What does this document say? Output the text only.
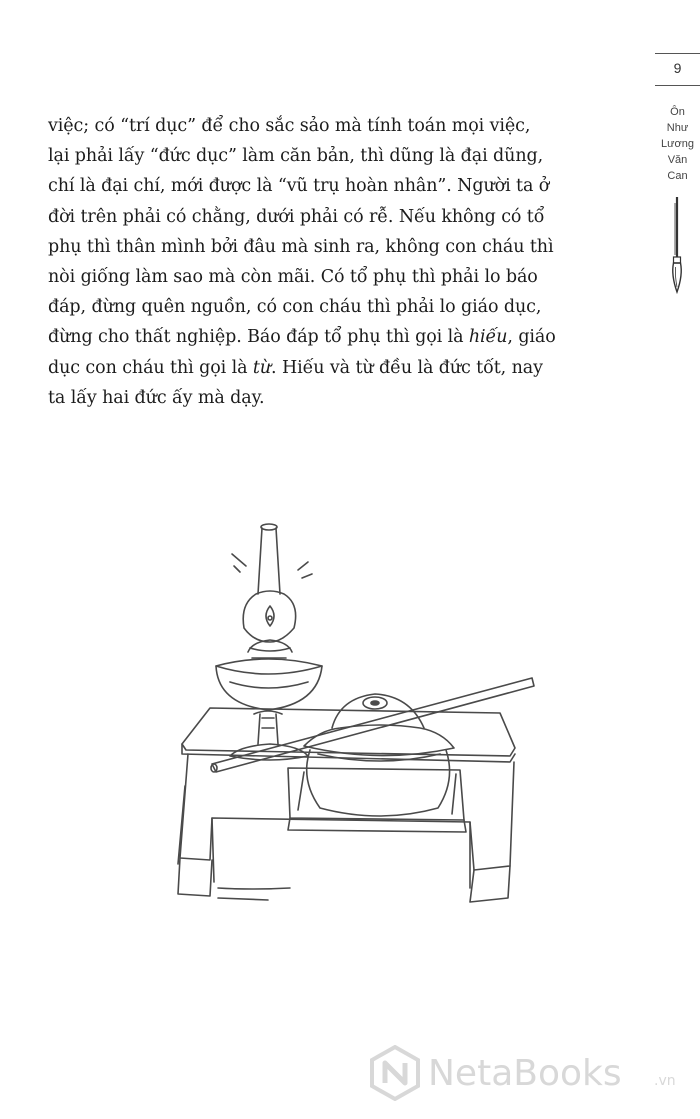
9
Ôn
Như
Lương
Văn
Can
việc; có “trí dục” để cho sắc sảo mà tính toán mọi việc,
lại phải lấy “đức dục” làm căn bản, thì dũng là đại dũng,
chí là đại chí, mới được là “vũ trụ hoàn nhân”. Người ta ở
đời trên phải có chằng, dưới phải có rễ. Nếu không có tổ
phụ thì thân mình bởi đâu mà sinh ra, không con cháu thì
nòi giống làm sao mà còn mãi. Có tổ phụ thì phải lo báo
đáp, đừng quên nguồn, có con cháu thì phải lo giáo dục,
đừng cho thất nghiệp. Báo đáp tổ phụ thì gọi là hiếu, giáo
dục con cháu thì gọi là từ. Hiếu và từ đều là đức tốt, nay
ta lấy hai đức ấy mà dạy.
NetaBooks .vn
